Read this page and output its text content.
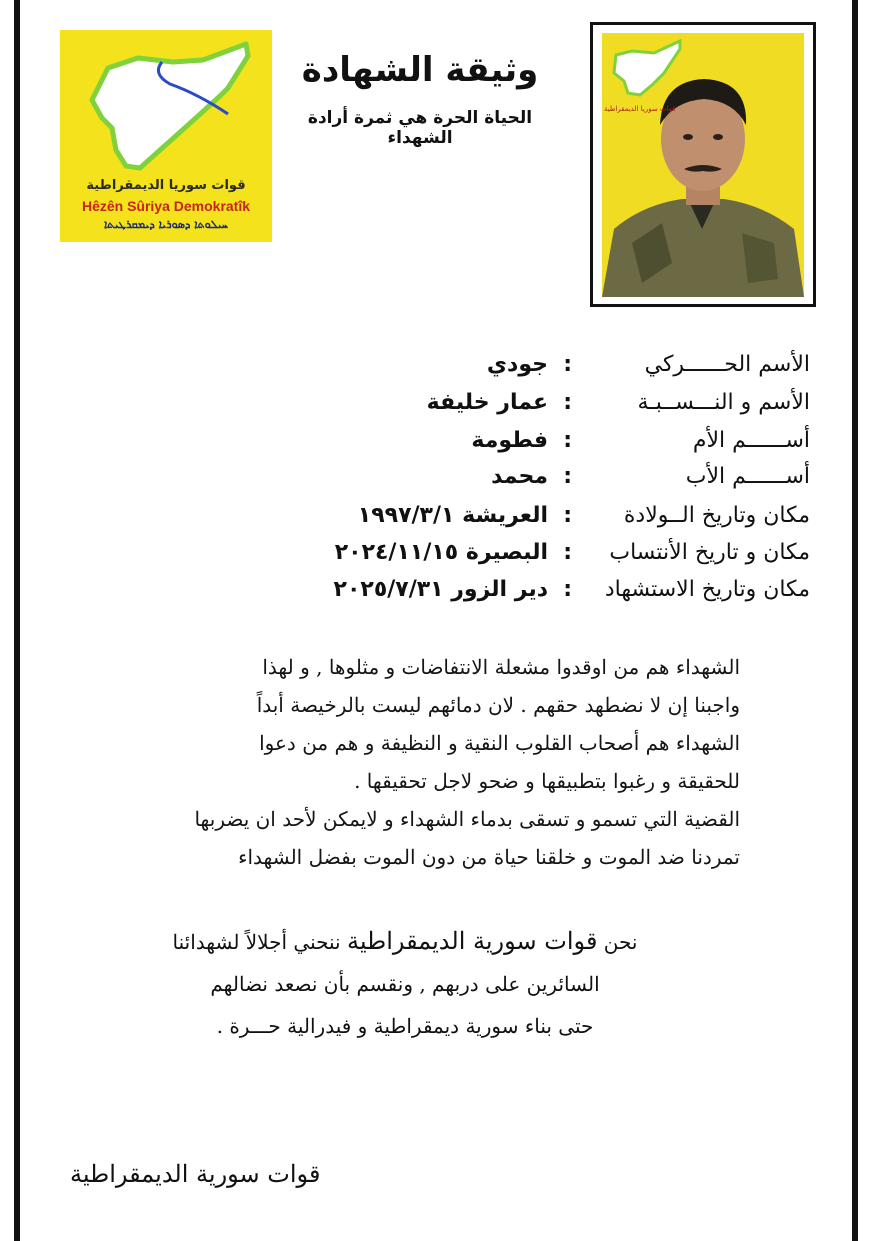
قوات سوريا الديمقراطية
Hêzên Sûriya Demokratîk
ܚܝܠܘܬܐ ܕܣܘܪܝܐ ܕܝܡܩܪܛܝܬܐ
وثيقة الشهادة
الحياة الحرة هي ثمرة أرادة الشهداء
قوات سوريا الديمقراطية
الأسم الحــــــركي
:
جودي
الأسم و النـــســبـة
:
عمار خليفة
أســــــم الأم
:
فطومة
أســــــم الأب
:
محمد
مكان وتاريخ الــولادة
:
العريشة ١٩٩٧/٣/١
مكان و تاريخ الأنتساب
:
البصيرة ٢٠٢٤/١١/١٥
مكان وتاريخ الاستشهاد
:
دير الزور ٢٠٢٥/٧/٣١
الشهداء هم من اوقدوا مشعلة الانتفاضات و مثلوها , و لهذا
واجبنا إن لا نضطهد حقهم . لان دمائهم ليست بالرخيصة أبداً
الشهداء هم أصحاب القلوب النقية و النظيفة و هم من دعوا
للحقيقة و رغبوا بتطبيقها و ضحو لاجل تحقيقها .
القضية التي تسمو و تسقى بدماء الشهداء و لايمكن لأحد ان يضربها
تمردنا ضد الموت و خلقنا حياة من دون الموت بفضل الشهداء
نحن قوات سورية الديمقراطية ننحني أجلالاً لشهدائنا
السائرين على دربهم , ونقسم بأن نصعد نضالهم
حتى بناء سورية ديمقراطية و فيدرالية حـــرة .
قوات سورية الديمقراطية
